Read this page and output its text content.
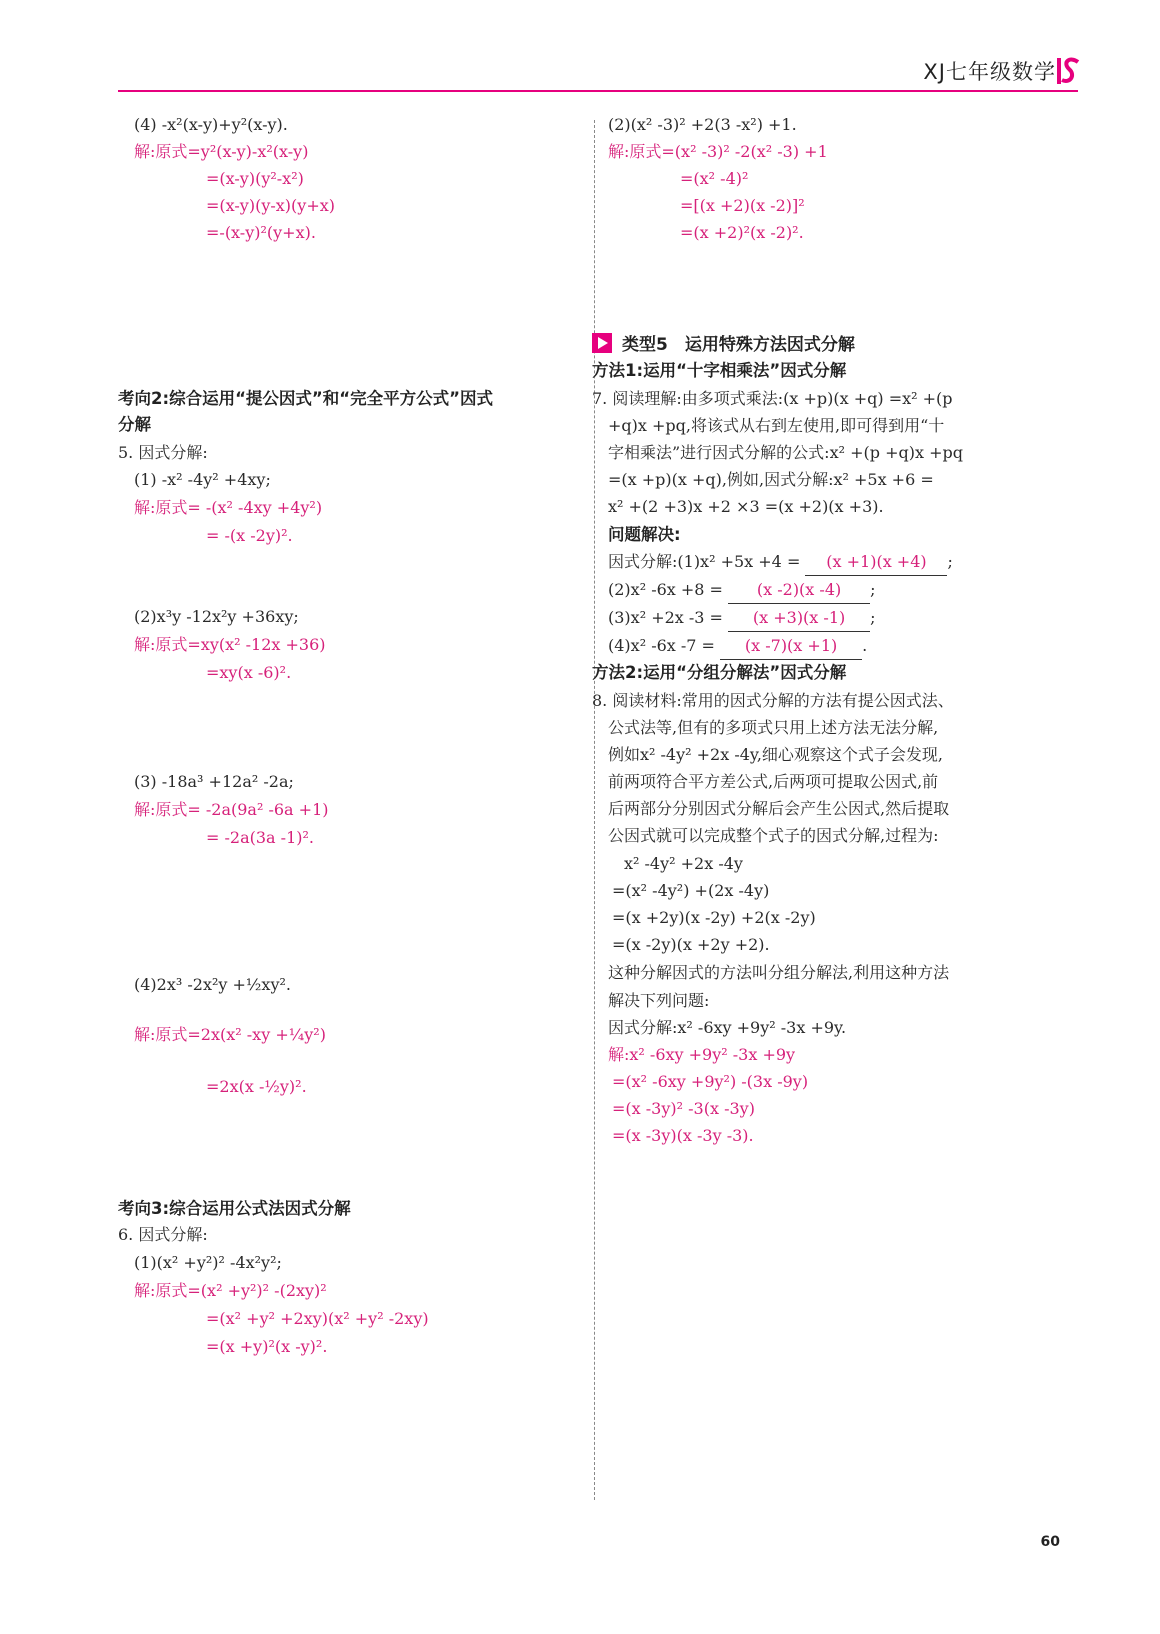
XJ七年级数学
(4) -x²(x-y)+y²(x-y).
解:原式=y²(x-y)-x²(x-y)
=(x-y)(y²-x²)
=(x-y)(y-x)(y+x)
=-(x-y)²(y+x).
考向2:综合运用“提公因式”和“完全平方公式”因式
分解
5. 因式分解:
(1) -x² -4y² +4xy;
解:原式= -(x² -4xy +4y²)
= -(x -2y)².
(2)x³y -12x²y +36xy;
解:原式=xy(x² -12x +36)
=xy(x -6)².
(3) -18a³ +12a² -2a;
解:原式= -2a(9a² -6a +1)
= -2a(3a -1)².
(4)2x³ -2x²y +½xy².
解:原式=2x(x² -xy +¼y²)
=2x(x -½y)².
考向3:综合运用公式法因式分解
6. 因式分解:
(1)(x² +y²)² -4x²y²;
解:原式=(x² +y²)² -(2xy)²
=(x² +y² +2xy)(x² +y² -2xy)
=(x +y)²(x -y)².
(2)(x² -3)² +2(3 -x²) +1.
解:原式=(x² -3)² -2(x² -3) +1
=(x² -4)²
=[(x +2)(x -2)]²
=(x +2)²(x -2)².
类型5　运用特殊方法因式分解
方法1:运用“十字相乘法”因式分解
7. 阅读理解:由多项式乘法:(x +p)(x +q) =x² +(p
+q)x +pq,将该式从右到左使用,即可得到用“十
字相乘法”进行因式分解的公式:x² +(p +q)x +pq
=(x +p)(x +q),例如,因式分解:x² +5x +6 =
x² +(2 +3)x +2 ×3 =(x +2)(x +3).
问题解决:
因式分解:(1)x² +5x +4 = (x +1)(x +4) ;
(2)x² -6x +8 = (x -2)(x -4) ;
(3)x² +2x -3 = (x +3)(x -1) ;
(4)x² -6x -7 = (x -7)(x +1) .
方法2:运用“分组分解法”因式分解
8. 阅读材料:常用的因式分解的方法有提公因式法、
公式法等,但有的多项式只用上述方法无法分解,
例如x² -4y² +2x -4y,细心观察这个式子会发现,
前两项符合平方差公式,后两项可提取公因式,前
后两部分分别因式分解后会产生公因式,然后提取
公因式就可以完成整个式子的因式分解,过程为:
x² -4y² +2x -4y
=(x² -4y²) +(2x -4y)
=(x +2y)(x -2y) +2(x -2y)
=(x -2y)(x +2y +2).
这种分解因式的方法叫分组分解法,利用这种方法
解决下列问题:
因式分解:x² -6xy +9y² -3x +9y.
解:x² -6xy +9y² -3x +9y
=(x² -6xy +9y²) -(3x -9y)
=(x -3y)² -3(x -3y)
=(x -3y)(x -3y -3).
60
